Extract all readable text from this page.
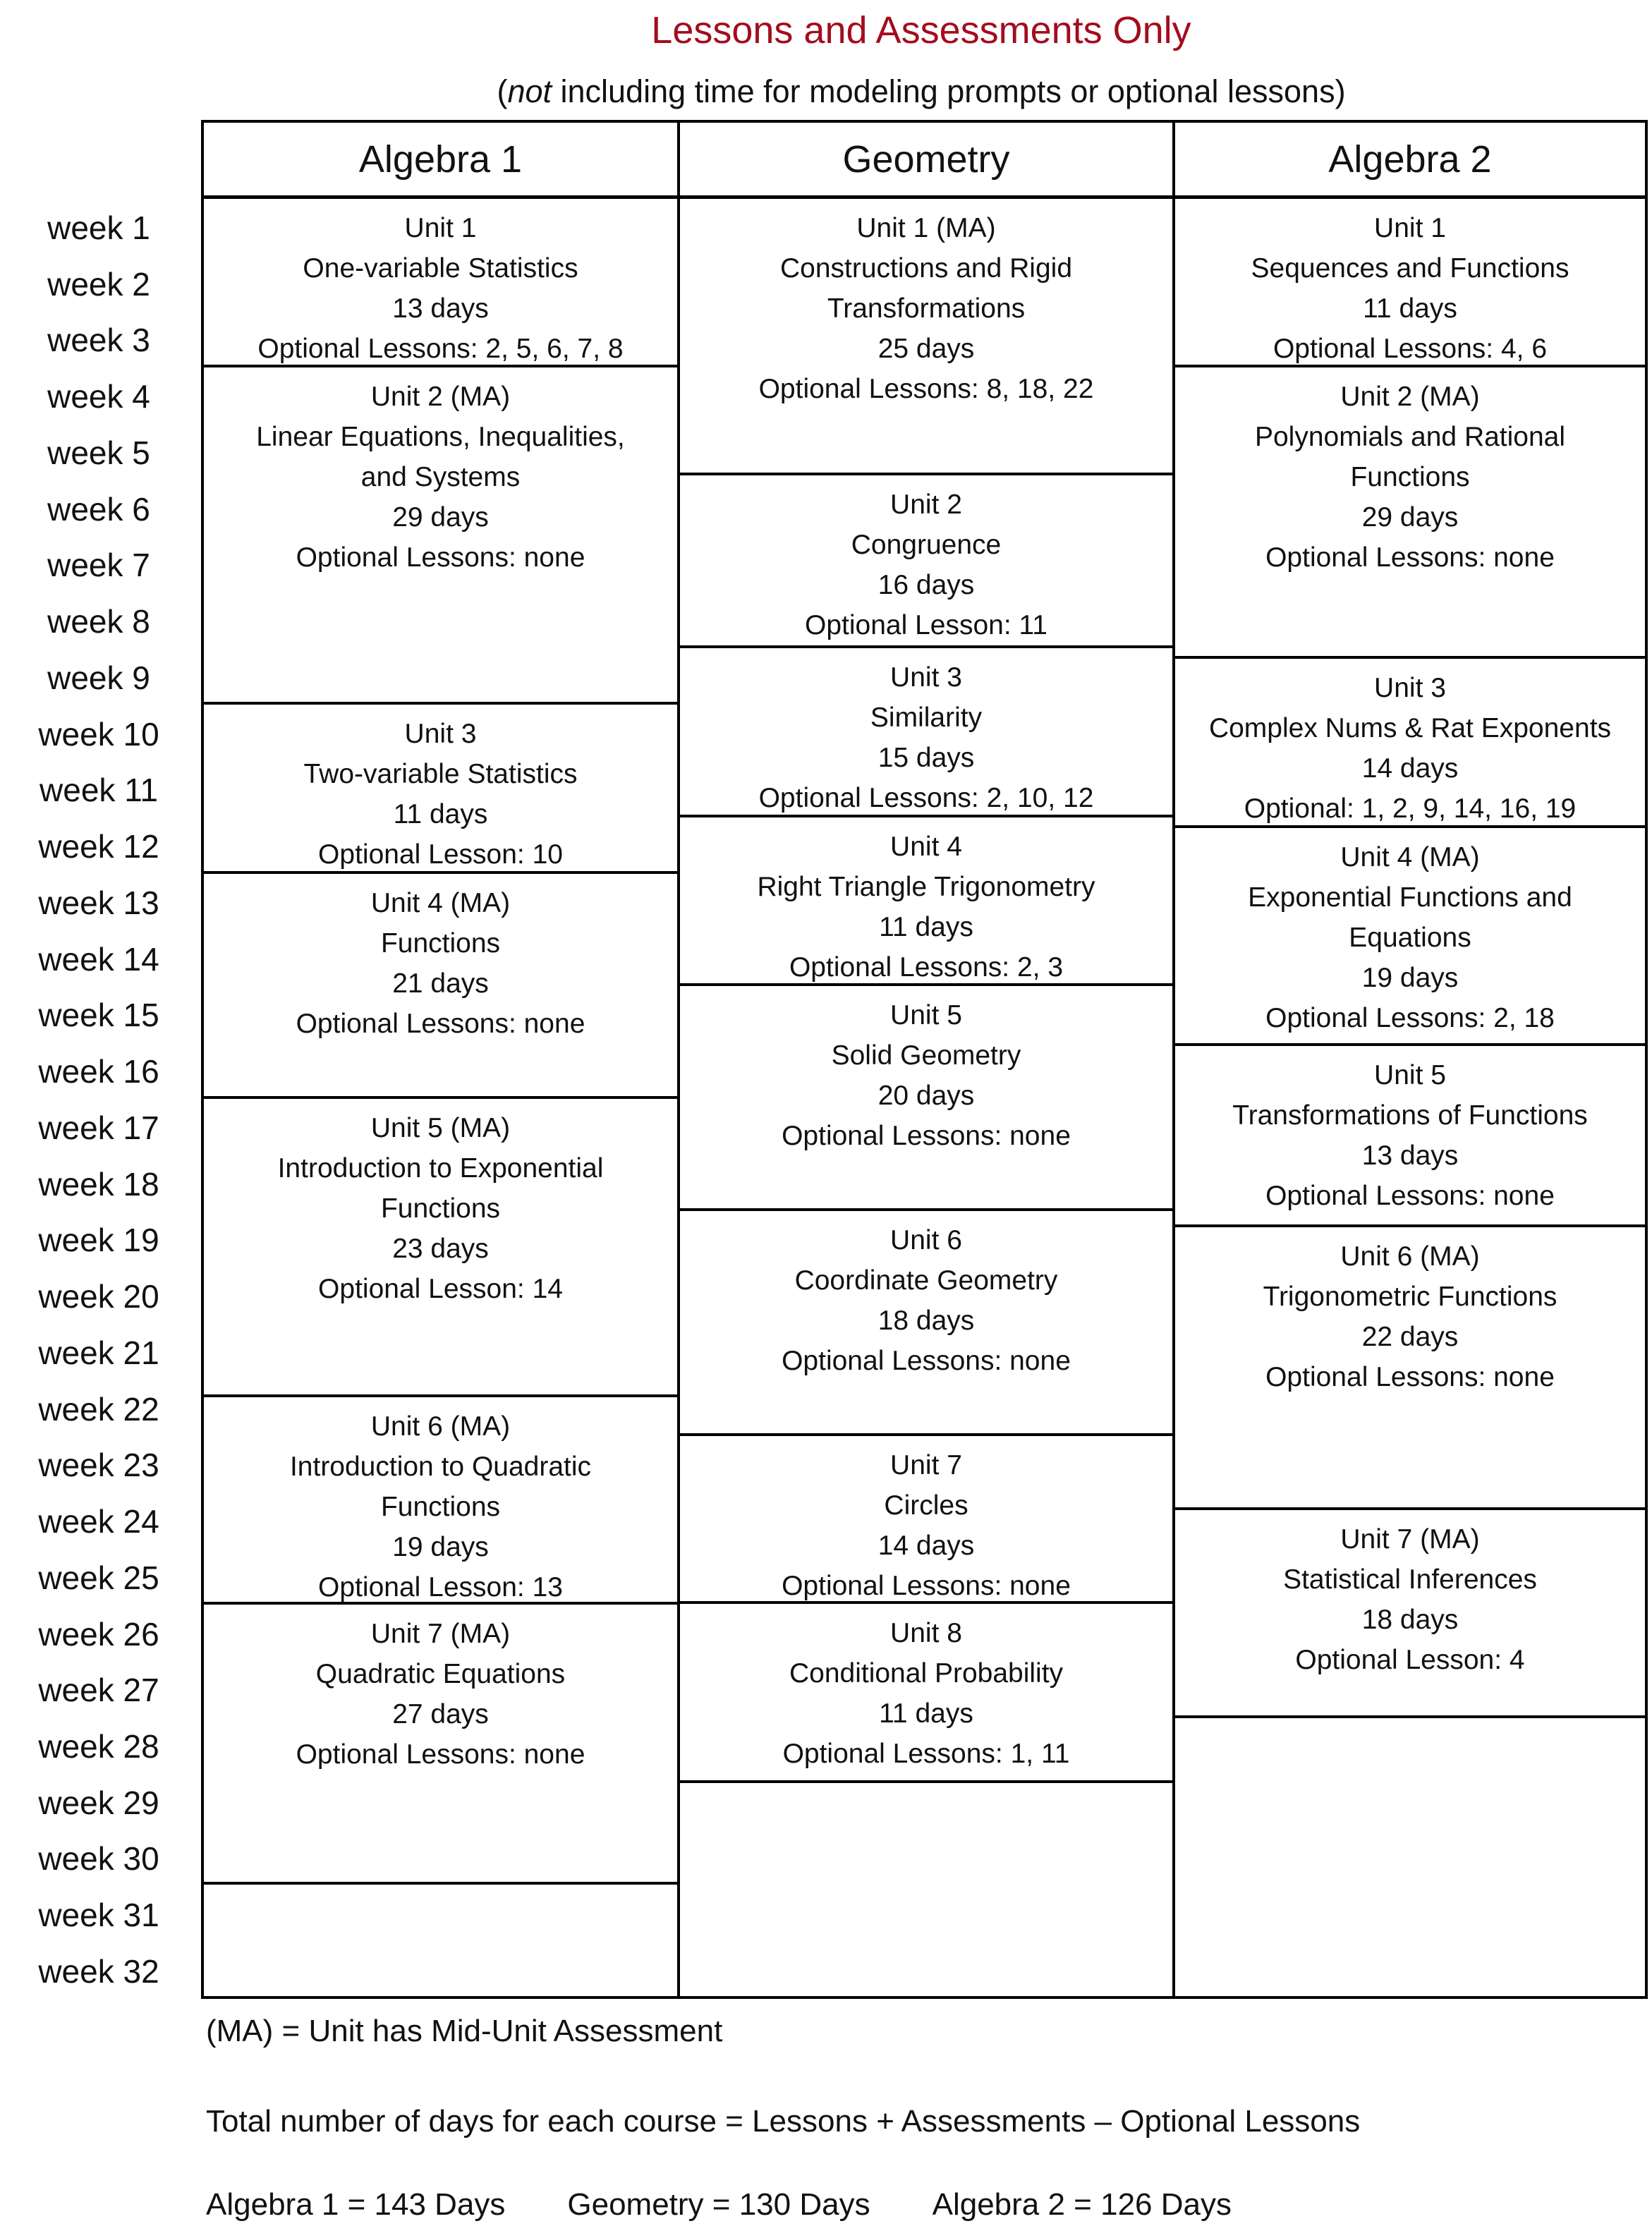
Lessons and Assessments Only
(not including time for modeling prompts or optional lessons)
week 1
week 2
week 3
week 4
week 5
week 6
week 7
week 8
week 9
week 10
week 11
week 12
week 13
week 14
week 15
week 16
week 17
week 18
week 19
week 20
week 21
week 22
week 23
week 24
week 25
week 26
week 27
week 28
week 29
week 30
week 31
week 32
Algebra 1
Unit 1
One-variable Statistics
13 days
Optional Lessons: 2, 5, 6, 7, 8
Unit 2 (MA)
Linear Equations, Inequalities,
and Systems
29 days
Optional Lessons: none
Unit 3
Two-variable Statistics
11 days
Optional Lesson: 10
Unit 4 (MA)
Functions
21 days
Optional Lessons: none
Unit 5 (MA)
Introduction to Exponential
Functions
23 days
Optional Lesson: 14
Unit 6 (MA)
Introduction to Quadratic
Functions
19 days
Optional Lesson: 13
Unit 7 (MA)
Quadratic Equations
27 days
Optional Lessons: none
Geometry
Unit 1 (MA)
Constructions and Rigid
Transformations
25 days
Optional Lessons: 8, 18, 22
Unit 2
Congruence
16 days
Optional Lesson: 11
Unit 3
Similarity
15 days
Optional Lessons: 2, 10, 12
Unit 4
Right Triangle Trigonometry
11 days
Optional Lessons: 2, 3
Unit 5
Solid Geometry
20 days
Optional Lessons: none
Unit 6
Coordinate Geometry
18 days
Optional Lessons: none
Unit 7
Circles
14 days
Optional Lessons: none
Unit 8
Conditional Probability
11 days
Optional Lessons: 1, 11
Algebra 2
Unit 1
Sequences and Functions
11 days
Optional Lessons: 4, 6
Unit 2 (MA)
Polynomials and Rational
Functions
29 days
Optional Lessons: none
Unit 3
Complex Nums & Rat Exponents
14 days
Optional: 1, 2, 9, 14, 16, 19
Unit 4 (MA)
Exponential Functions and
Equations
19 days
Optional Lessons: 2, 18
Unit 5
Transformations of Functions
13 days
Optional Lessons: none
Unit 6 (MA)
Trigonometric Functions
22 days
Optional Lessons: none
Unit 7 (MA)
Statistical Inferences
18 days
Optional Lesson: 4
(MA) = Unit has Mid-Unit Assessment
Total number of days for each course = Lessons + Assessments – Optional Lessons
Algebra 1 = 143 Days Geometry = 130 Days Algebra 2 = 126 Days
